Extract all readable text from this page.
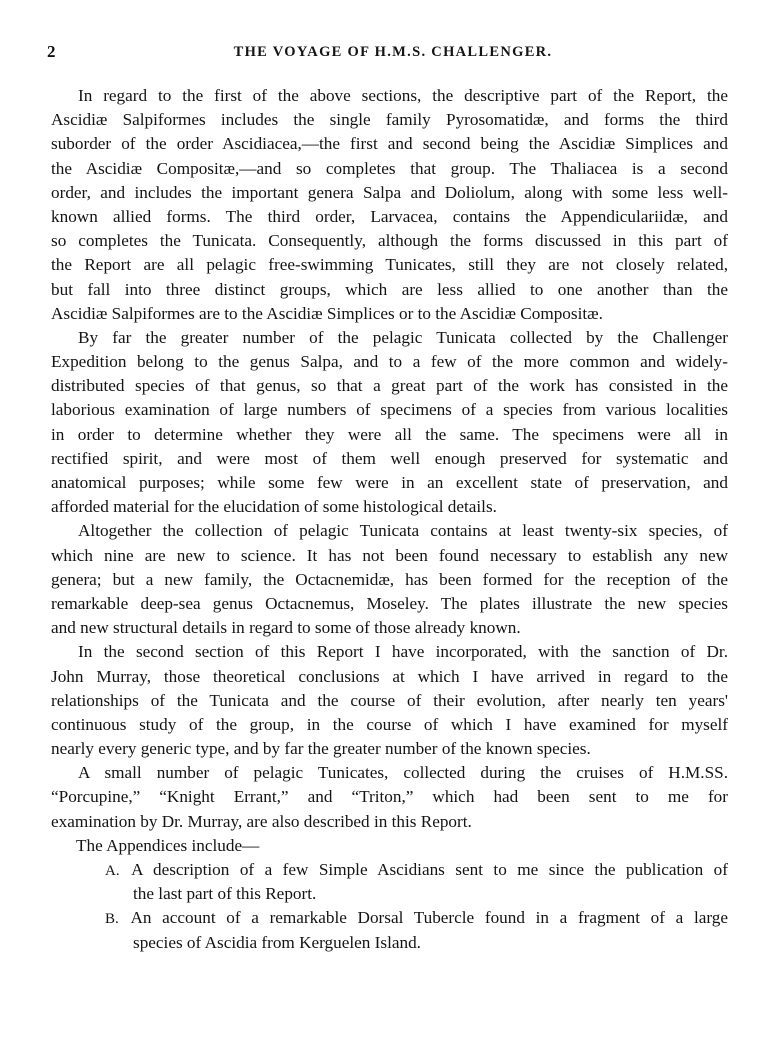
2	THE VOYAGE OF H.M.S. CHALLENGER.
In regard to the first of the above sections, the descriptive part of the Report, the
Ascidiæ Salpiformes includes the single family Pyrosomatidæ, and forms the third
suborder of the order Ascidiacea,—the first and second being the Ascidiæ Simplices and
the Ascidiæ Compositæ,—and so completes that group. The Thaliacea is a second
order, and includes the important genera Salpa and Doliolum, along with some less well-
known allied forms. The third order, Larvacea, contains the Appendiculariidæ, and
so completes the Tunicata. Consequently, although the forms discussed in this part of
the Report are all pelagic free-swimming Tunicates, still they are not closely related,
but fall into three distinct groups, which are less allied to one another than the
Ascidiæ Salpiformes are to the Ascidiæ Simplices or to the Ascidiæ Compositæ.
By far the greater number of the pelagic Tunicata collected by the Challenger
Expedition belong to the genus Salpa, and to a few of the more common and widely-
distributed species of that genus, so that a great part of the work has consisted in the
laborious examination of large numbers of specimens of a species from various localities
in order to determine whether they were all the same. The specimens were all in
rectified spirit, and were most of them well enough preserved for systematic and
anatomical purposes; while some few were in an excellent state of preservation, and
afforded material for the elucidation of some histological details.
Altogether the collection of pelagic Tunicata contains at least twenty-six species, of
which nine are new to science. It has not been found necessary to establish any new
genera; but a new family, the Octacnemidæ, has been formed for the reception of the
remarkable deep-sea genus Octacnemus, Moseley. The plates illustrate the new species
and new structural details in regard to some of those already known.
In the second section of this Report I have incorporated, with the sanction of Dr.
John Murray, those theoretical conclusions at which I have arrived in regard to the
relationships of the Tunicata and the course of their evolution, after nearly ten years'
continuous study of the group, in the course of which I have examined for myself
nearly every generic type, and by far the greater number of the known species.
A small number of pelagic Tunicates, collected during the cruises of H.M.SS.
“Porcupine,” “Knight Errant,” and “Triton,” which had been sent to me for
examination by Dr. Murray, are also described in this Report.
The Appendices include—
A. A description of a few Simple Ascidians sent to me since the publication of
the last part of this Report.
B. An account of a remarkable Dorsal Tubercle found in a fragment of a large
species of Ascidia from Kerguelen Island.
